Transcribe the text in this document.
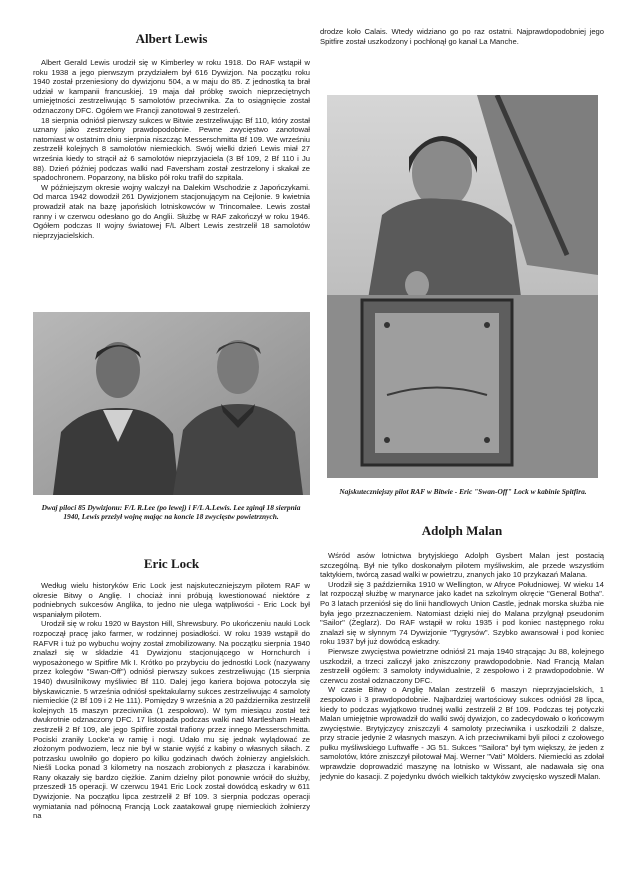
Albert Lewis

Albert Gerald Lewis urodził się w Kimberley w roku 1918. Do RAF wstąpił w roku 1938 a jego pierwszym przydziałem był 616 Dywizjon. Na początku roku 1940 został przeniesiony do dywizjonu 504, a w maju do 85. Z jednostką ta brał udział w kampanii francuskiej. 19 maja dał próbkę swoich nieprzeciętnych umiejętności zestrzeliwując 5 samolotów przeciwnika. Za to osiągnięcie został odznaczony DFC. Ogółem we Francji zanotował 9 zestrzeleń.

18 sierpnia odniósł pierwszy sukces w Bitwie zestrzeliwując Bf 110, który został uznany jako zestrzelony prawdopodobnie. Pewne zwycięstwo zanotował natomiast w ostatnim dniu sierpnia niszcząc Messerschmitta Bf 109. We wrześniu zestrzelił kolejnych 8 samolotów niemieckich. Swój wielki dzień Lewis miał 27 września kiedy to strącił aż 6 samolotów nieprzyjaciela (3 Bf 109, 2 Bf 110 i Ju 88). Dzień później podczas walki nad Faversham został zestrzelony i skakał ze spadochronem. Poparzony, na blisko pół roku trafił do szpitala.

W późniejszym okresie wojny walczył na Dalekim Wschodzie z Japończykami. Od marca 1942 dowodził 261 Dywizjonem stacjonującym na Cejlonie. 9 kwietnia prowadził atak na bazę japońskich lotniskowców w Trincomalee. Lewis został ranny i w czerwcu odesłano go do Anglii. Służbę w RAF zakończył w roku 1946. Ogółem podczas II wojny światowej F/L Albert Lewis zestrzelił 18 samolotów nieprzyjacielskich.

Dwaj piloci 85 Dywizjonu: F/L R.Lee (po lewej) i F/L A.Lewis. Lee zginął 18 sierpnia 1940, Lewis przeżył wojnę mając na koncie 18 zwycięstw powietrznych.
Eric Lock

Według wielu historyków Eric Lock jest najskuteczniejszym pilotem RAF w okresie Bitwy o Anglię. I chociaż inni próbują kwestionować niektóre z podniebnych sukcesów Anglika, to jedno nie ulega wątpliwości - Eric Lock był wspaniałym pilotem.

Urodził się w roku 1920 w Bayston Hill, Shrewsbury. Po ukończeniu nauki Lock rozpoczął pracę jako farmer, w rodzinnej posiadłości. W roku 1939 wstąpił do RAFVR i tuż po wybuchu wojny został zmobilizowany. Na początku sierpnia 1940 znalazł się w składzie 41 Dywizjonu stacjonującego w Hornchurch i wyposażonego w Spitfire Mk I. Krótko po przybyciu do jednostki Lock (nazywany przez kolegów "Swan-Off") odniósł pierwszy sukces zestrzeliwując (15 sierpnia 1940) dwusilnikowy myśliwiec Bf 110. Dalej jego kariera bojowa potoczyła się błyskawicznie. 5 września odniósł spektakularny sukces zestrzeliwując 4 samoloty niemieckie (2 Bf 109 i 2 He 111). Pomiędzy 9 września a 20 października zestrzelił kolejnych 15 maszyn przeciwnika (1 zespołowo). W tym miesiącu został też dwukrotnie odznaczony DFC. 17 listopada podczas walki nad Martlesham Heath zestrzelił 2 Bf 109, ale jego Spitfire został trafiony przez innego Messerschmitta. Pociski zraniły Locke'a w ramię i nogi. Udało mu się jednak wylądować ze złożonym podwoziem, lecz nie był w stanie wyjść z kabiny o własnych siłach. Z potrzasku uwolniło go dopiero po kilku godzinach dwóch żołnierzy angielskich. Nieśli Locka ponad 3 kilometry na noszach zrobionych z płaszcza i karabinów. Rany okazały się bardzo ciężkie. Zanim dzielny pilot ponownie wrócił do służby, przeszedł 15 operacji. W czerwcu 1941 Eric Lock został dowódcą eskadry w 611 Dywizjonie. Na początku lipca zestrzelił 2 Bf 109. 3 sierpnia podczas operacji wymiatania nad północną Francją Lock zaatakował grupę niemieckich żołnierzy na

drodze koło Calais. Wtedy widziano go po raz ostatni. Najprawdopodobniej jego Spitfire został uszkodzony i pochłonął go kanał La Manche.

Najskuteczniejszy pilot RAF w Bitwie - Eric "Swan-Off" Lock w kabinie Spitfira.
Adolph Malan

Wśród asów lotnictwa brytyjskiego Adolph Gysbert Malan jest postacią szczególną. Był nie tylko doskonałym pilotem myśliwskim, ale przede wszystkim taktykiem, twórcą zasad walki w powietrzu, znanych jako 10 przykazań Malana.

Urodził się 3 października 1910 w Wellington, w Afryce Południowej. W wieku 14 lat rozpoczął służbę w marynarce jako kadet na szkolnym okręcie "General Botha". Po 3 latach przeniósł się do linii handlowych Union Castle, jednak morska służba nie była jego przeznaczeniem. Natomiast dzięki niej do Malana przylgnął pseudonim "Sailor" (Żeglarz). Do RAF wstąpił w roku 1935 i pod koniec następnego roku znalazł się w słynnym 74 Dywizjonie "Tygrysów". Szybko awansował i pod koniec roku 1937 był już dowódcą eskadry.

Pierwsze zwycięstwa powietrzne odniósł 21 maja 1940 strącając Ju 88, kolejnego uszkodził, a trzeci zaliczył jako zniszczony prawdopodobnie. Nad Francją Malan zestrzelił ogółem: 3 samoloty indywidualnie, 2 zespołowo i 2 prawdopodobnie. W czerwcu został odznaczony DFC.

W czasie Bitwy o Anglię Malan zestrzelił 6 maszyn nieprzyjacielskich, 1 zespołowo i 3 prawdopodobnie. Najbardziej wartościowy sukces odniósł 28 lipca, kiedy to podczas wyjątkowo trudnej walki zestrzelił 2 Bf 109. Podczas tej potyczki Malan umiejętnie wprowadził do walki swój dywizjon, co zadecydowało o końcowym zwycięstwie. Brytyjczycy zniszczyli 4 samoloty przeciwnika i uszkodzili 2 dalsze, przy stracie jedynie 2 własnych maszyn. A ich przeciwnikami byli piloci z czołowego pułku myśliwskiego Luftwaffe - JG 51. Sukces "Sailora" był tym większy, że jeden z samolotów, które zniszczył pilotował Maj. Werner "Vati" Mölders. Niemiecki as zdołał wprawdzie doprowadzić maszynę na lotnisko w Wissant, ale nadawała się ona jedynie do kasacji. Z pojedynku dwóch wielkich taktyków zwycięsko wyszedł Malan.
